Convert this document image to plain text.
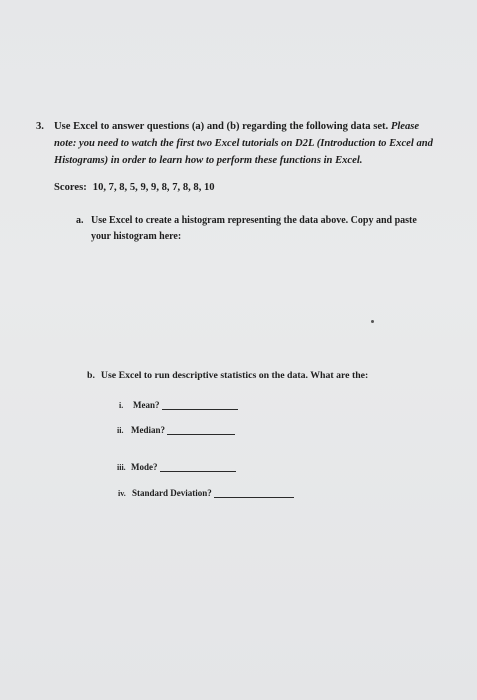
3. Use Excel to answer questions (a) and (b) regarding the following data set. Please
note: you need to watch the first two Excel tutorials on D2L (Introduction to Excel and
Histograms) in order to learn how to perform these functions in Excel.
Scores: 10, 7, 8, 5, 9, 9, 8, 7, 8, 8, 10
a. Use Excel to create a histogram representing the data above. Copy and paste
your histogram here:
b. Use Excel to run descriptive statistics on the data. What are the:
i.	Mean?
ii. Median?
iii. Mode?
iv. Standard Deviation?
